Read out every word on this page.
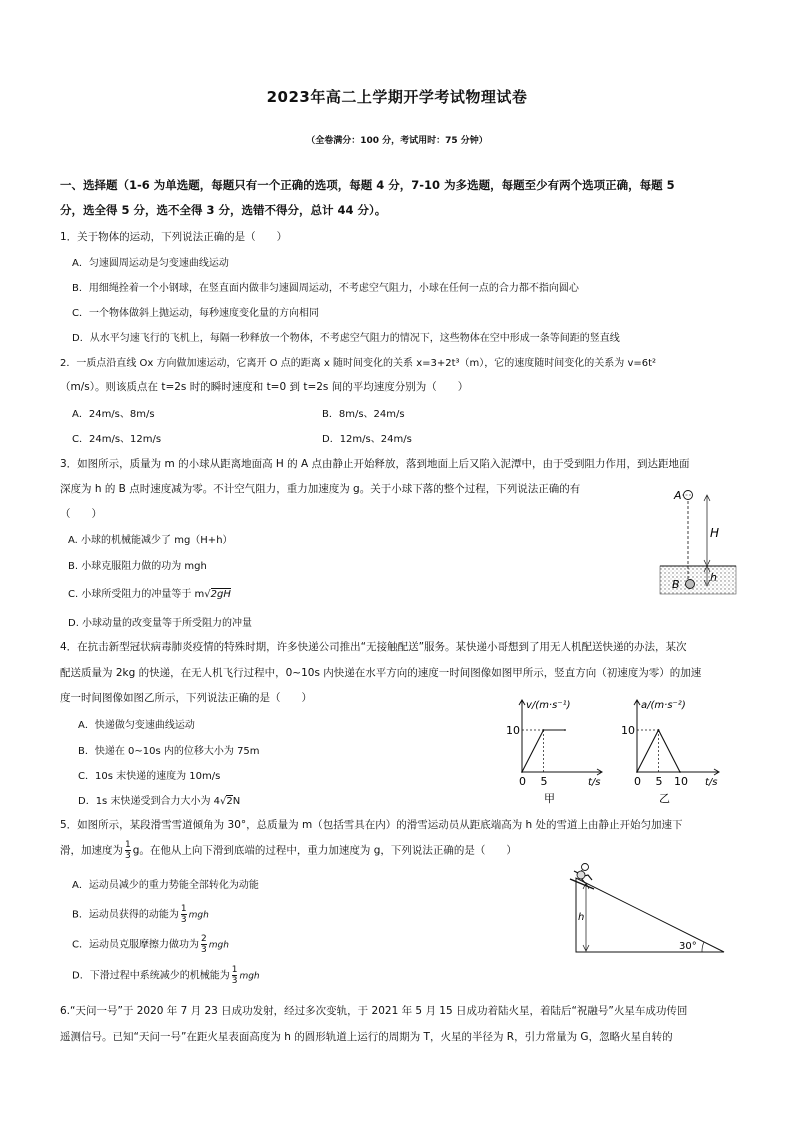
2023年高二上学期开学考试物理试卷
（全卷满分：100 分，考试用时：75 分钟）
一、选择题（1-6 为单选题，每题只有一个正确的选项，每题 4 分，7-10 为多选题，每题至少有两个选项正确，每题 5
分，选全得 5 分，选不全得 3 分，选错不得分，总计 44 分）。
1．关于物体的运动，下列说法正确的是（　　）
A．匀速圆周运动是匀变速曲线运动
B．用细绳拴着一个小钢球，在竖直面内做非匀速圆周运动，不考虑空气阻力，小球在任何一点的合力都不指向圆心
C．一个物体做斜上抛运动，每秒速度变化量的方向相同
D．从水平匀速飞行的飞机上，每隔一秒释放一个物体，不考虑空气阻力的情况下，这些物体在空中形成一条等间距的竖直线
2．一质点沿直线 Ox 方向做加速运动，它离开 O 点的距离 x 随时间变化的关系 x=3+2t³（m），它的速度随时间变化的关系为 v=6t²
（m/s）。则该质点在 t=2s 时的瞬时速度和 t=0 到 t=2s 间的平均速度分别为（　　）
A．24m/s、8m/s	B．8m/s、24m/s
C．24m/s、12m/s	D．12m/s、24m/s
3．如图所示，质量为 m 的小球从距离地面高 H 的 A 点由静止开始释放，落到地面上后又陷入泥潭中，由于受到阻力作用，到达距地面
深度为 h 的 B 点时速度减为零。不计空气阻力，重力加速度为 g。关于小球下落的整个过程，下列说法正确的有
（　　）
A. 小球的机械能减少了 mg（H+h）
B. 小球克服阻力做的功为 mgh
C. 小球所受阻力的冲量等于 m√2gH
D. 小球动量的改变量等于所受阻力的冲量
A
H
B
h
4．在抗击新型冠状病毒肺炎疫情的特殊时期，许多快递公司推出“无接触配送”服务。某快递小哥想到了用无人机配送快递的办法，某次
配送质量为 2kg 的快递，在无人机飞行过程中，0~10s 内快递在水平方向的速度一时间图像如图甲所示，竖直方向（初速度为零）的加速
度一时间图像如图乙所示，下列说法正确的是（　　）
A．快递做匀变速曲线运动
B．快递在 0~10s 内的位移大小为 75m
C．10s 末快递的速度为 10m/s
D．1s 末快递受到合力大小为 4√2N
0 5
10
v/(m·s⁻¹)
t/s
甲
0 5 10
10
a/(m·s⁻²)
t/s
乙
5．如图所示，某段滑雪雪道倾角为 30°，总质量为 m（包括雪具在内）的滑雪运动员从距底端高为 h 处的雪道上由静止开始匀加速下
滑，加速度为 $\frac{1}{3}$ g。在他从上向下滑到底端的过程中，重力加速度为 g，下列说法正确的是（　　）
A．运动员减少的重力势能全部转化为动能
B．运动员获得的动能为 $\frac{1}{3}$ mgh
C．运动员克服摩擦力做功为 $\frac{2}{3}$ mgh
D．下滑过程中系统减少的机械能为 $\frac{1}{3}$ mgh
h
30°
6.“天问一号”于 2020 年 7 月 23 日成功发射，经过多次变轨，于 2021 年 5 月 15 日成功着陆火星，着陆后“祝融号”火星车成功传回
遥测信号。已知“天问一号”在距火星表面高度为 h 的圆形轨道上运行的周期为 T，火星的半径为 R，引力常量为 G，忽略火星自转的
